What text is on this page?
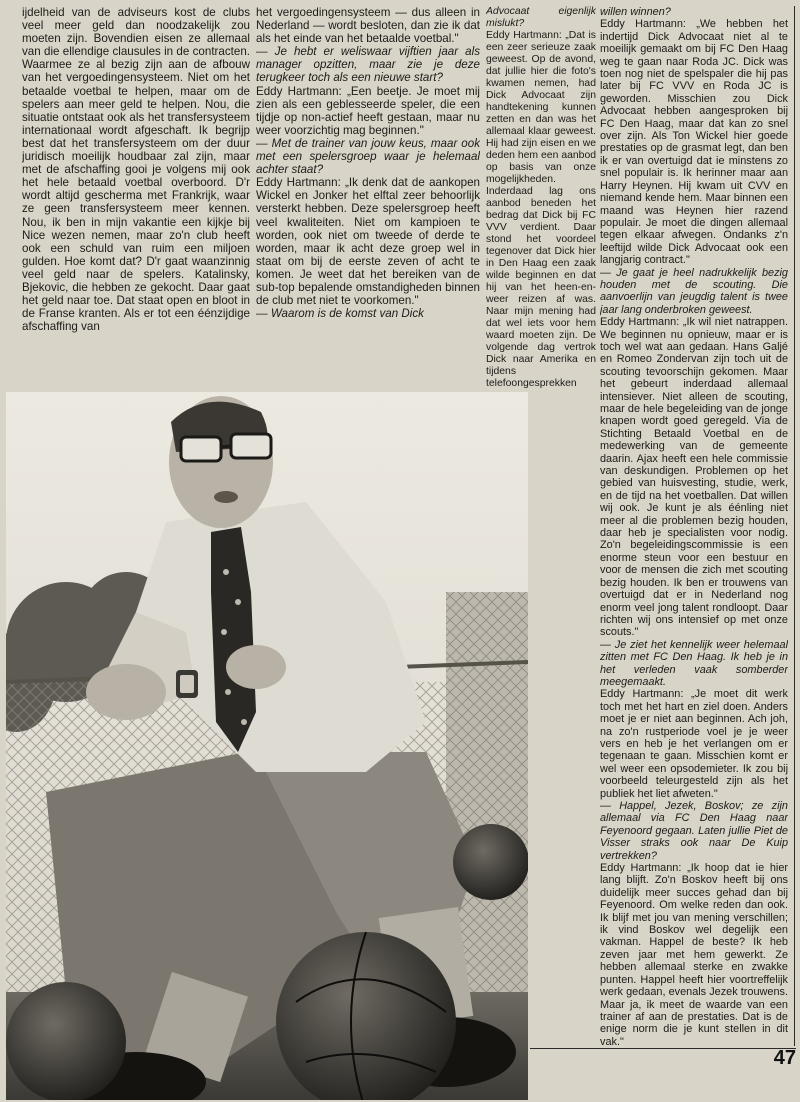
ijdelheid van de adviseurs kost de clubs veel meer geld dan noodzakelijk zou moeten zijn. Bovendien eisen ze allemaal van die ellendige clausules in de contracten. Waarmee ze al bezig zijn aan de afbouw van het vergoedingensysteem. Niet om het betaalde voetbal te helpen, maar om de spelers aan meer geld te helpen. Nou, die situatie ontstaat ook als het transfersysteem internationaal wordt afgeschaft. Ik begrijp best dat het transfersysteem om der duur juridisch moeilijk houdbaar zal zijn, maar met de afschaffing gooi je volgens mij ook het hele betaald voetbal overboord. D'r wordt altijd gescherma met Frankrijk, waar ze geen transfersysteem meer kennen. Nou, ik ben in mijn vakantie een kijkje bij Nice wezen nemen, maar zo'n club heeft ook een schuld van ruim een miljoen gulden. Hoe komt dat? D'r gaat waanzinnig veel geld naar de spelers. Katalinsky, Bjekovic, die hebben ze gekocht. Daar gaat het geld naar toe. Dat staat open en bloot in de Franse kranten. Als er tot een éénzijdige afschaffing van

het vergoedingensysteem — dus alleen in Nederland — wordt besloten, dan zie ik dat als het einde van het betaalde voetbal."

— Je hebt er weliswaar vijftien jaar als manager opzitten, maar zie je deze terugkeer toch als een nieuwe start?

Eddy Hartmann: „Een beetje. Je moet mij zien als een geblesseerde speler, die een tijdje op non-actief heeft gestaan, maar nu weer voorzichtig mag beginnen."

— Met de trainer van jouw keus, maar ook met een spelersgroep waar je helemaal achter staat?

Eddy Hartmann: „Ik denk dat de aankopen Wickel en Jonker het elftal zeer behoorlijk versterkt hebben. Deze spelersgroep heeft veel kwaliteiten. Niet om kampioen te worden, ook niet om tweede of derde te worden, maar ik acht deze groep wel in staat om bij de eerste zeven of acht te komen. Je weet dat het bereiken van de sub-top bepalende omstandigheden binnen de club met niet te voorkomen."

— Waarom is de komst van Dick

Advocaat eigenlijk mislukt?

Eddy Hartmann: „Dat is een zeer serieuze zaak geweest. Op de avond, dat jullie hier die foto's kwamen nemen, had Dick Advocaat zijn handtekening kunnen zetten en dan was het allemaal klaar geweest. Hij had zijn eisen en we deden hem een aanbod op basis van onze mogelijkheden. Inderdaad lag ons aanbod beneden het bedrag dat Dick bij FC VVV verdient. Daar stond het voordeel tegenover dat Dick hier in Den Haag een zaak wilde beginnen en dat hij van het heen-en-weer reizen af was. Naar mijn mening had dat wel iets voor hem waard moeten zijn. De volgende dag vertrok Dick naar Amerika en tijdens telefoongesprekken

willen winnen?

Eddy Hartmann: „We hebben het indertijd Dick Advocaat niet al te moeilijk gemaakt om bij FC Den Haag weg te gaan naar Roda JC. Dick was toen nog niet de spelspaler die hij pas later bij FC VVV en Roda JC is geworden. Misschien zou Dick Advocaat hebben aangesproken bij FC Den Haag, maar dat kan zo snel over zijn. Als Ton Wickel hier goede prestaties op de grasmat legt, dan ben ik er van overtuigd dat ie minstens zo snel populair is. Ik herinner maar aan Harry Heynen. Hij kwam uit CVV en niemand kende hem. Maar binnen een maand was Heynen hier razend populair. Je moet die dingen allemaal tegen elkaar afwegen. Ondanks z'n leeftijd wilde Dick Advocaat ook een langjarig contract."

— Je gaat je heel nadrukkelijk bezig houden met de scouting. Die aanvoerlijn van jeugdig talent is twee jaar lang onderbroken geweest.

Eddy Hartmann: „Ik wil niet natrappen. We beginnen nu opnieuw, maar er is toch wel wat aan gedaan. Hans Galjé en Romeo Zondervan zijn toch uit de scouting tevoorschijn gekomen. Maar het gebeurt inderdaad allemaal intensiever. Niet alleen de scouting, maar de hele begeleiding van de jonge knapen wordt goed geregeld. Via de Stichting Betaald Voetbal en de medewerking van de gemeente daarin. Ajax heeft een hele commissie van deskundigen. Problemen op het gebied van huisvesting, studie, werk, en de tijd na het voetballen. Dat willen wij ook. Je kunt je als éénling niet meer al die problemen bezig houden, daar heb je specialisten voor nodig. Zo'n begeleidingscommissie is een enorme steun voor een bestuur en voor de mensen die zich met scouting bezig houden. Ik ben er trouwens van overtuigd dat er in Nederland nog enorm veel jong talent rondloopt. Daar richten wij ons intensief op met onze scouts."

— Je ziet het kennelijk weer helemaal zitten met FC Den Haag. Ik heb je in het verleden vaak somberder meegemaakt.

Eddy Hartmann: „Je moet dit werk toch met het hart en ziel doen. Anders moet je er niet aan beginnen. Ach joh, na zo'n rustperiode voel je je weer vers en heb je het verlangen om er tegenaan te gaan. Misschien komt er wel weer een opsodemieter. Ik zou bij voorbeeld teleurgesteld zijn als het publiek het liet afweten."

— Happel, Jezek, Boskov; ze zijn allemaal via FC Den Haag naar Feyenoord gegaan. Laten jullie Piet de Visser straks ook naar De Kuip vertrekken?

Eddy Hartmann: „Ik hoop dat ie hier lang blijft. Zo'n Boskov heeft bij ons duidelijk meer succes gehad dan bij Feyenoord. Om welke reden dan ook. Ik blijf met jou van mening verschillen; ik vind Boskov wel degelijk een vakman. Happel de beste? Ik heb zeven jaar met hem gewerkt. Ze hebben allemaal sterke en zwakke punten. Happel heeft hier voortreffelijk werk gedaan, evenals Jezek trouwens. Maar ja, ik meet de waarde van een trainer af aan de prestaties. Dat is de enige norm die je kunt stellen in dit vak."

47
